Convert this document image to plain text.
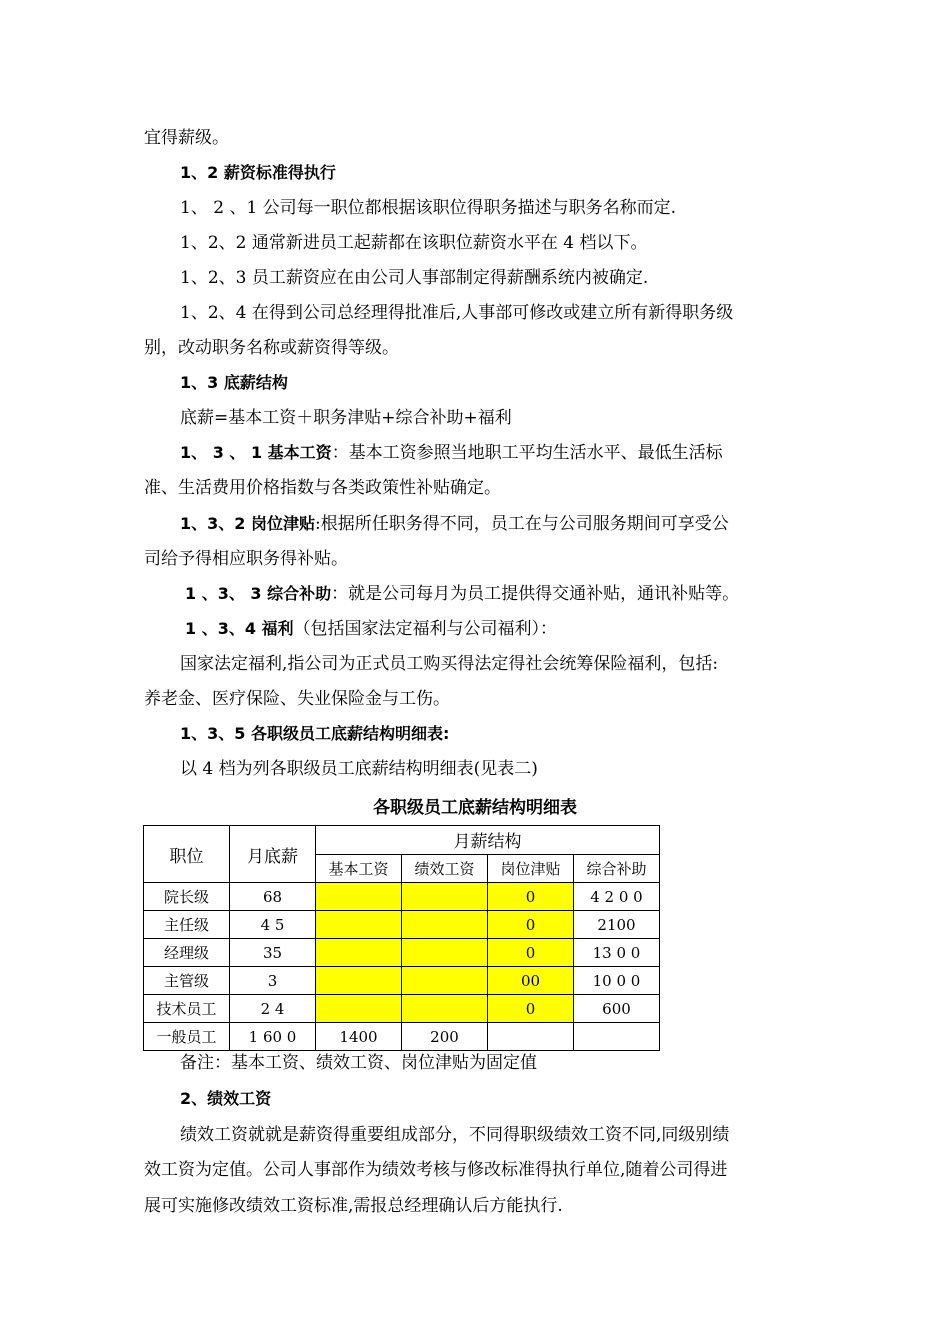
宜得薪级。
1、2 薪资标准得执行
1、 2 、1 公司每一职位都根据该职位得职务描述与职务名称而定.
1、2、2 通常新进员工起薪都在该职位薪资水平在 4 档以下。
1、2、3 员工薪资应在由公司人事部制定得薪酬系统内被确定.
1、2、4 在得到公司总经理得批准后,人事部可修改或建立所有新得职务级
别，改动职务名称或薪资得等级。
1、3 底薪结构
底薪=基本工资＋职务津贴+综合补助+福利
1、 3 、 1 基本工资：基本工资参照当地职工平均生活水平、最低生活标
准、生活费用价格指数与各类政策性补贴确定。
1、3、2 岗位津贴:根据所任职务得不同，员工在与公司服务期间可享受公
司给予得相应职务得补贴。
1 、3、 3 综合补助：就是公司每月为员工提供得交通补贴，通讯补贴等。
1 、3、4 福利（包括国家法定福利与公司福利）：
国家法定福利,指公司为正式员工购买得法定得社会统筹保险福利，包括:
养老金、医疗保险、失业保险金与工伤。
1、3、5 各职级员工底薪结构明细表:
以 4 档为列各职级员工底薪结构明细表(见表二)
各职级员工底薪结构明细表
职位	月底薪	月薪结构			
		基本工资	绩效工资	岗位津贴	综合补助
院长级	68			0	4 2 0 0
主任级	4 5			0	2100
经理级	35			0	13 0 0
主管级	3			00	10 0 0
技术员工	2 4			0	600
一般员工	1 60 0	1400	200		
备注：基本工资、绩效工资、岗位津贴为固定值
2、绩效工资
绩效工资就就是薪资得重要组成部分，不同得职级绩效工资不同,同级别绩
效工资为定值。公司人事部作为绩效考核与修改标准得执行单位,随着公司得进
展可实施修改绩效工资标准,需报总经理确认后方能执行.
